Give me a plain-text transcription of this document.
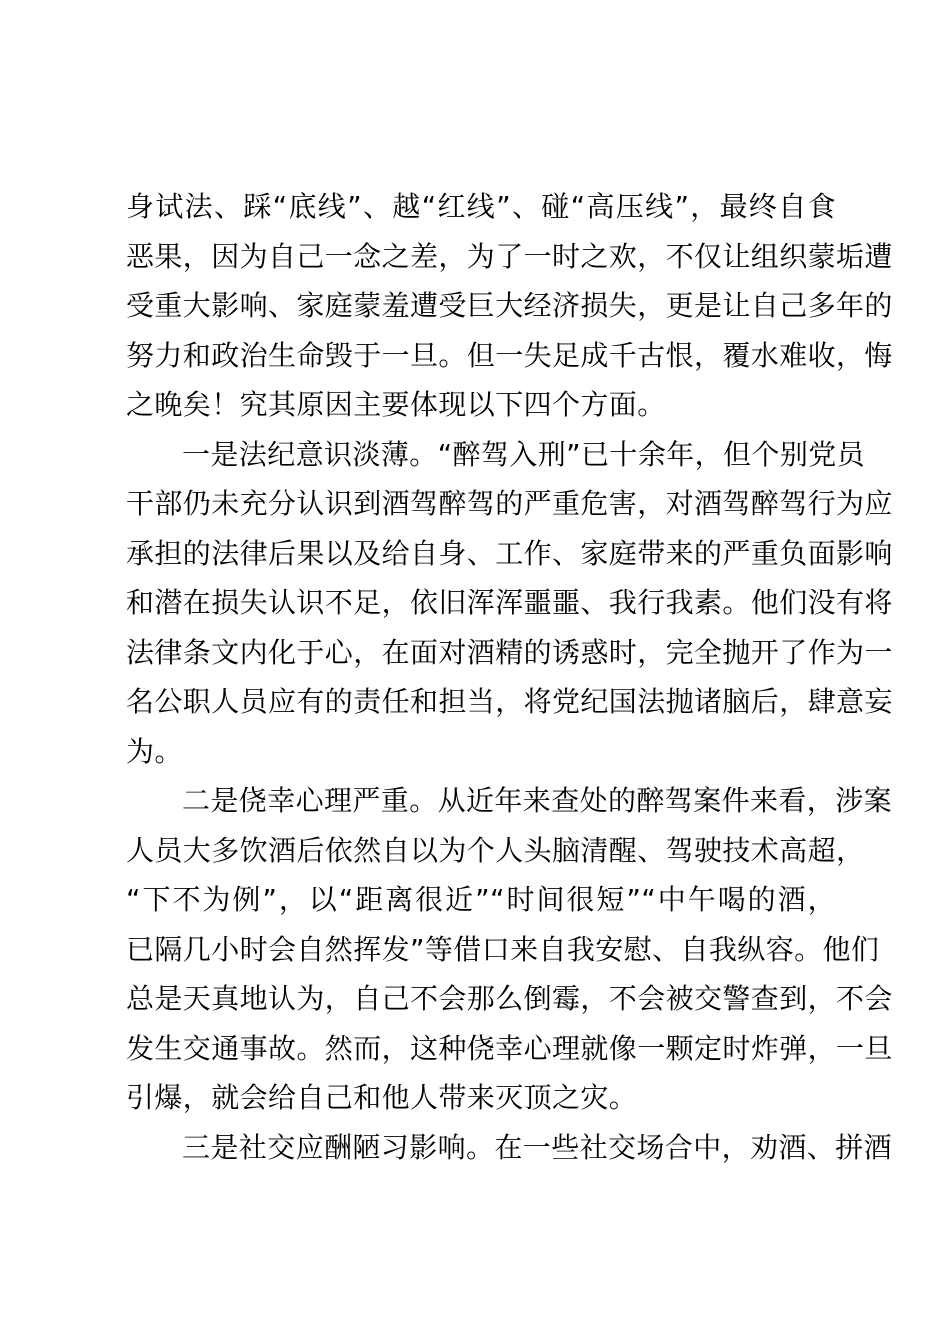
身试法、踩“底线”、越“红线”、碰“高压线”，最终自食
恶果，因为自己一念之差，为了一时之欢，不仅让组织蒙垢遭
受重大影响、家庭蒙羞遭受巨大经济损失，更是让自己多年的
努力和政治生命毁于一旦。但一失足成千古恨，覆水难收，悔
之晚矣！究其原因主要体现以下四个方面。
一是法纪意识淡薄。“醉驾入刑”已十余年，但个别党员
干部仍未充分认识到酒驾醉驾的严重危害，对酒驾醉驾行为应
承担的法律后果以及给自身、工作、家庭带来的严重负面影响
和潜在损失认识不足，依旧浑浑噩噩、我行我素。他们没有将
法律条文内化于心，在面对酒精的诱惑时，完全抛开了作为一
名公职人员应有的责任和担当，将党纪国法抛诸脑后，肆意妄
为。
二是侥幸心理严重。从近年来查处的醉驾案件来看，涉案
人员大多饮酒后依然自以为个人头脑清醒、驾驶技术高超，
“下不为例”，以“距离很近”“时间很短”“中午喝的酒，
已隔几小时会自然挥发”等借口来自我安慰、自我纵容。他们
总是天真地认为，自己不会那么倒霉，不会被交警查到，不会
发生交通事故。然而，这种侥幸心理就像一颗定时炸弹，一旦
引爆，就会给自己和他人带来灭顶之灾。
三是社交应酬陋习影响。在一些社交场合中，劝酒、拼酒
